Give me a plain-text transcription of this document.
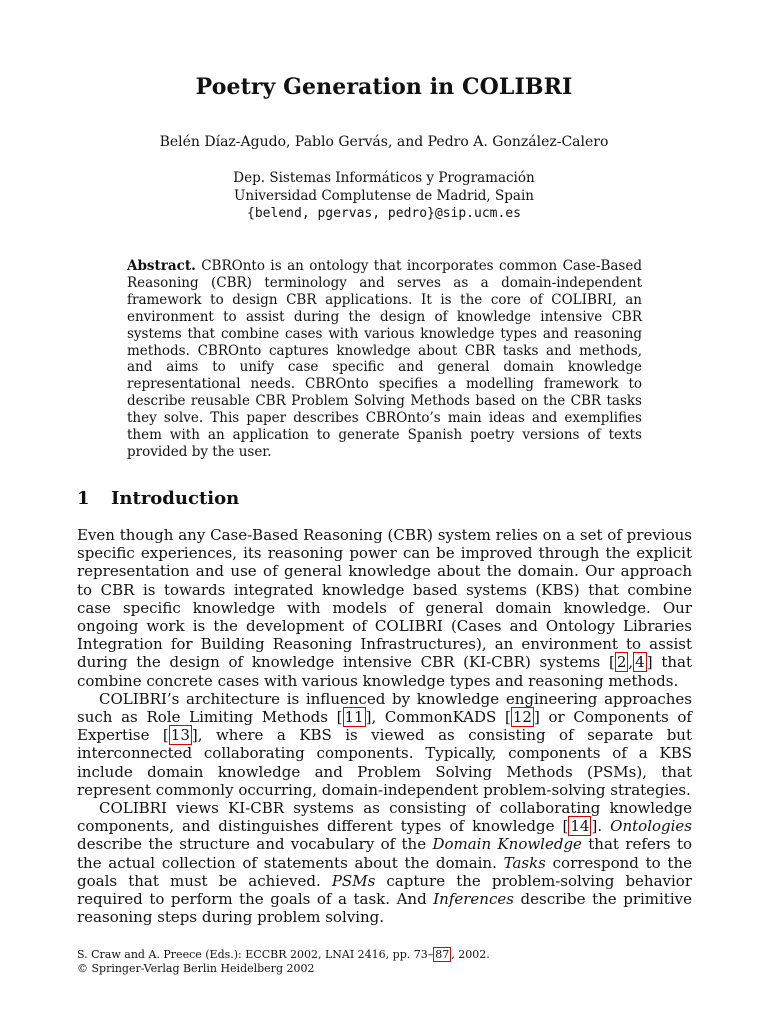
Poetry Generation in COLIBRI
Belén Díaz-Agudo, Pablo Gervás, and Pedro A. González-Calero
Dep. Sistemas Informáticos y Programación
Universidad Complutense de Madrid, Spain
{belend, pgervas, pedro}@sip.ucm.es
Abstract. CBROnto is an ontology that incorporates common Case-Based Reasoning (CBR) terminology and serves as a domain-independent framework to design CBR applications. It is the core of COLIBRI, an environment to assist during the design of knowledge intensive CBR systems that combine cases with various knowledge types and reasoning methods. CBROnto captures knowledge about CBR tasks and methods, and aims to unify case specific and general domain knowledge representational needs. CBROnto specifies a modelling framework to describe reusable CBR Problem Solving Methods based on the CBR tasks they solve. This paper describes CBROnto’s main ideas and exemplifies them with an application to generate Spanish poetry versions of texts provided by the user.
1 Introduction

Even though any Case-Based Reasoning (CBR) system relies on a set of previous specific experiences, its reasoning power can be improved through the explicit representation and use of general knowledge about the domain. Our approach to CBR is towards integrated knowledge based systems (KBS) that combine case specific knowledge with models of general domain knowledge. Our ongoing work is the development of COLIBRI (Cases and Ontology Libraries Integration for Building Reasoning Infrastructures), an environment to assist during the design of knowledge intensive CBR (KI-CBR) systems [ 2 , 4 ] that combine concrete cases with various knowledge types and reasoning methods.

COLIBRI’s architecture is influenced by knowledge engineering approaches such as Role Limiting Methods [ 11 ], CommonKADS [ 12 ] or Components of Expertise [ 13 ], where a KBS is viewed as consisting of separate but interconnected collaborating components. Typically, components of a KBS include domain knowledge and Problem Solving Methods (PSMs), that represent commonly occurring, domain-independent problem-solving strategies.

COLIBRI views KI-CBR systems as consisting of collaborating knowledge components, and distinguishes different types of knowledge [ 14 ]. Ontologies describe the structure and vocabulary of the Domain Knowledge that refers to the actual collection of statements about the domain. Tasks correspond to the goals that must be achieved. PSMs capture the problem-solving behavior required to perform the goals of a task. And Inferences describe the primitive reasoning steps during problem solving.

S. Craw and A. Preece (Eds.): ECCBR 2002, LNAI 2416, pp. 73– 87 , 2002.
© Springer-Verlag Berlin Heidelberg 2002
